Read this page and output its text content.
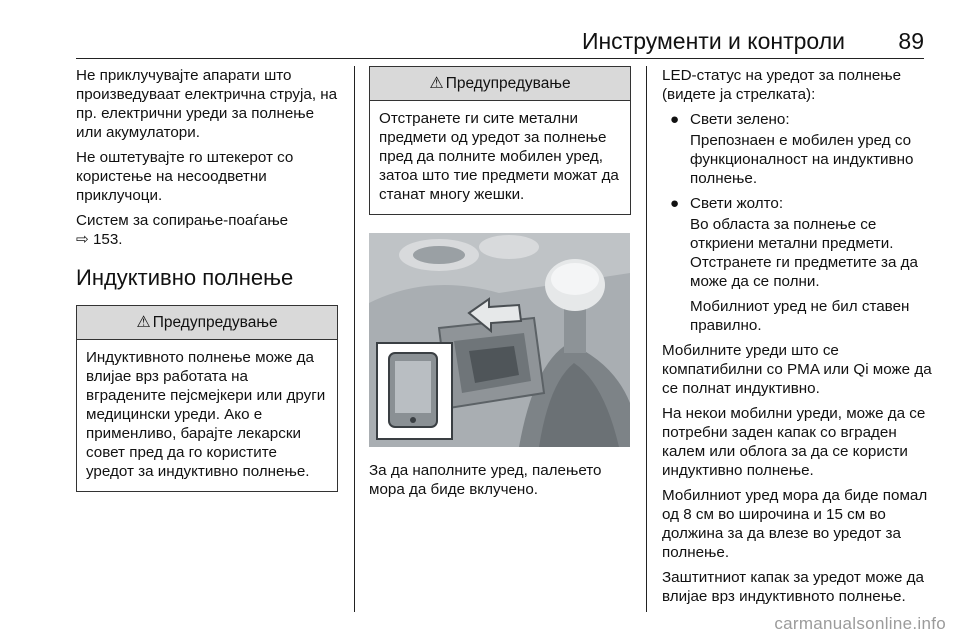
Инструменти и контроли 89

Не приклучувајте апарати што произведуваат електрична струја, на пр. електрични уреди за полнење или акумулатори.

Не оштетувајте го штекерот со користење на несоодветни приклучоци.

Систем за сопирање-поаѓање
⇨ 153.

Индуктивно полнење
⚠ Предупредување
Индуктивното полнење може да влијае врз работата на вградените пејсмејкери или други медицински уреди. Ако е применливо, барајте лекарски совет пред да го користите уредот за индуктивно полнење.
⚠ Предупредување
Отстранете ги сите метални предмети од уредот за полнење пред да полните мобилен уред, затоа што тие предмети можат да станат многу жешки.

За да наполните уред, палењето мора да биде вклучено.

LED-статус на уредот за полнење (видете ја стрелката):

● Свети зелено:

Препознаен е мобилен уред со функционалност на индуктивно полнење.

● Свети жолто:

Во областа за полнење се откриени метални предмети. Отстранете ги предметите за да може да се полни.

Мобилниот уред не бил ставен правилно.

Мобилните уреди што се компатибилни со PMA или Qi може да се полнат индуктивно.

На некои мобилни уреди, може да се потребни заден капак со вграден калем или облога за да се користи индуктивно полнење.

Мобилниот уред мора да биде помал од 8 см во широчина и 15 см во должина за да влезе во уредот за полнење.

Заштитниот капак за уредот може да влијае врз индуктивното полнење.

carmanualsonline.info
